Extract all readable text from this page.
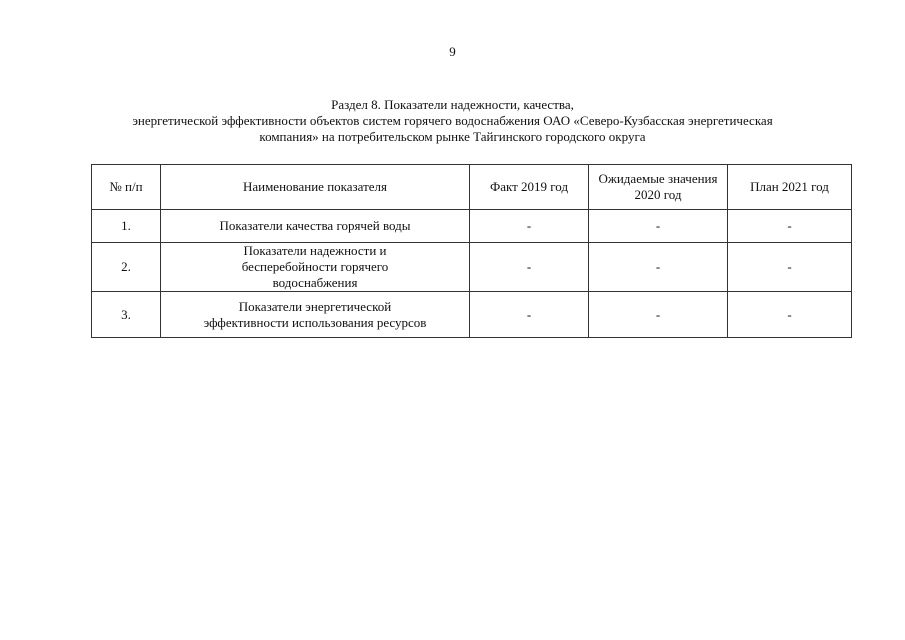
9
Раздел 8. Показатели надежности, качества,
энергетической эффективности объектов систем горячего водоснабжения ОАО «Северо-Кузбасская энергетическая
компания» на потребительском рынке Тайгинского городского округа
№ п/п	Наименование показателя	Факт 2019 год	Ожидаемые значения 2020 год	План 2021 год
1.	Показатели качества горячей воды	-	-	-
2.	Показатели надежности и бесперебойности горячего водоснабжения	-	-	-
3.	Показатели энергетической эффективности использования ресурсов	-	-	-
